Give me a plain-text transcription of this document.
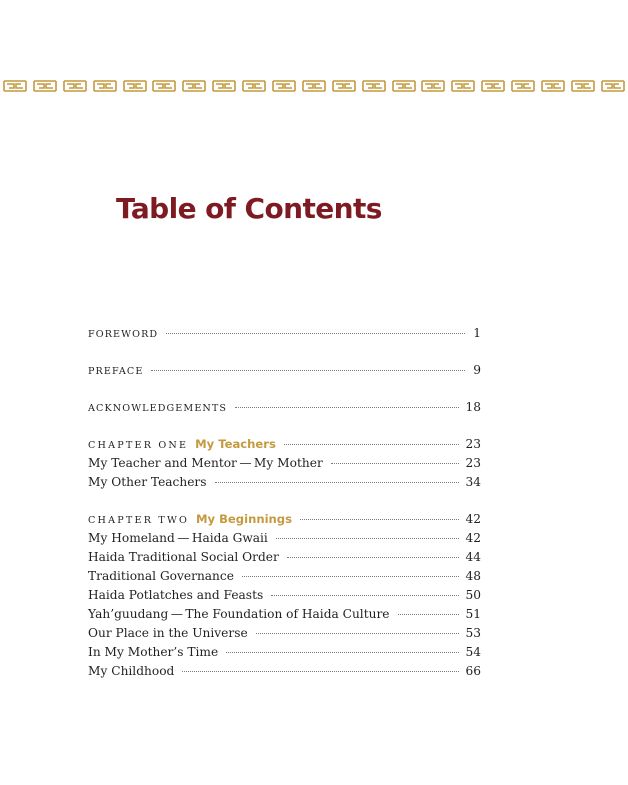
Table of Contents
FOREWORD	1
PREFACE	9
ACKNOWLEDGEMENTS	18
CHAPTER ONE My Teachers	23
My Teacher and Mentor — My Mother	23
My Other Teachers	34
CHAPTER TWO My Beginnings	42
My Homeland — Haida Gwaii	42
Haida Traditional Social Order	44
Traditional Governance	48
Haida Potlatches and Feasts	50
Yah’guudang — The Foundation of Haida Culture	51
Our Place in the Universe	53
In My Mother’s Time	54
My Childhood	66
